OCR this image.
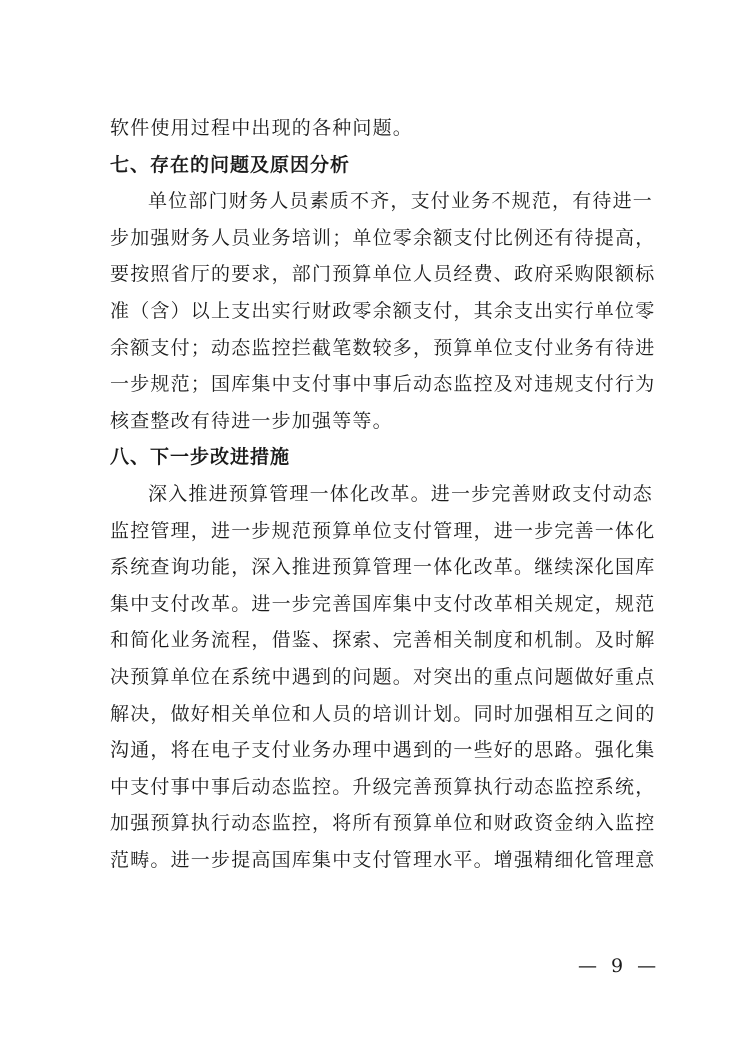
软件使用过程中出现的各种问题。
七、存在的问题及原因分析
单位部门财务人员素质不齐，支付业务不规范，有待进一
步加强财务人员业务培训；单位零余额支付比例还有待提高，
要按照省厅的要求，部门预算单位人员经费、政府采购限额标
准（含）以上支出实行财政零余额支付，其余支出实行单位零
余额支付；动态监控拦截笔数较多，预算单位支付业务有待进
一步规范；国库集中支付事中事后动态监控及对违规支付行为
核查整改有待进一步加强等等。
八、下一步改进措施
深入推进预算管理一体化改革。进一步完善财政支付动态
监控管理，进一步规范预算单位支付管理，进一步完善一体化
系统查询功能，深入推进预算管理一体化改革。继续深化国库
集中支付改革。进一步完善国库集中支付改革相关规定，规范
和简化业务流程，借鉴、探索、完善相关制度和机制。及时解
决预算单位在系统中遇到的问题。对突出的重点问题做好重点
解决，做好相关单位和人员的培训计划。同时加强相互之间的
沟通，将在电子支付业务办理中遇到的一些好的思路。强化集
中支付事中事后动态监控。升级完善预算执行动态监控系统，
加强预算执行动态监控，将所有预算单位和财政资金纳入监控
范畴。进一步提高国库集中支付管理水平。增强精细化管理意
— 9 —
